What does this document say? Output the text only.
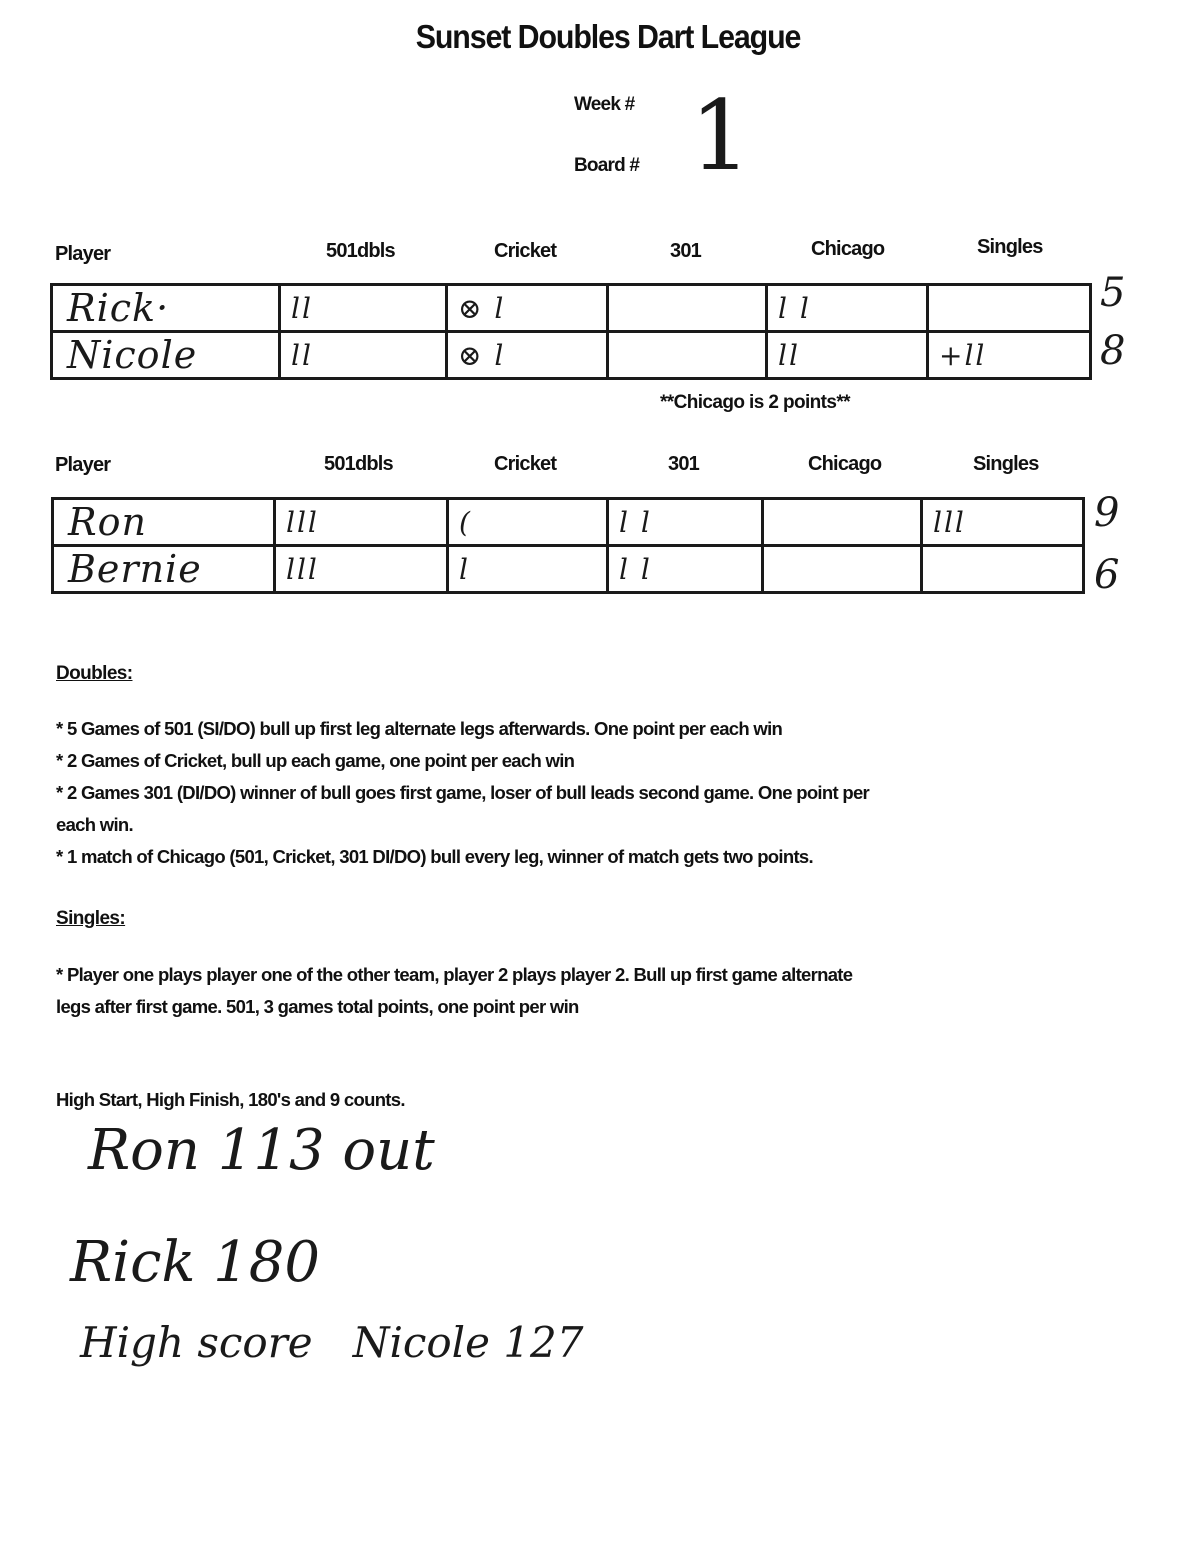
Sunset Doubles Dart League
Week #
Board # 1
Player	501dbls	Cricket	301	Chicago	Singles
Rick·	ll	⊗ l		l l	
Nicole	ll	⊗ l		ll	+ll
5
8
**Chicago is 2 points**
Player	501dbls	Cricket	301	Chicago	Singles
Ron	lll	(	l l		lll
Bernie	lll	l	l l		
9
6
Doubles:

* 5 Games of 501 (SI/DO) bull up first leg alternate legs afterwards. One point per each win

* 2 Games of Cricket, bull up each game, one point per each win

* 2 Games 301 (DI/DO) winner of bull goes first game, loser of bull leads second game. One point per each win.

* 1 match of Chicago (501, Cricket, 301 DI/DO) bull every leg, winner of match gets two points.

Singles:

* Player one plays player one of the other team, player 2 plays player 2. Bull up first game alternate legs after first game. 501, 3 games total points, one point per win

High Start, High Finish, 180's and 9 counts.
Ron 113 out
Rick 180
High score   Nicole 127
